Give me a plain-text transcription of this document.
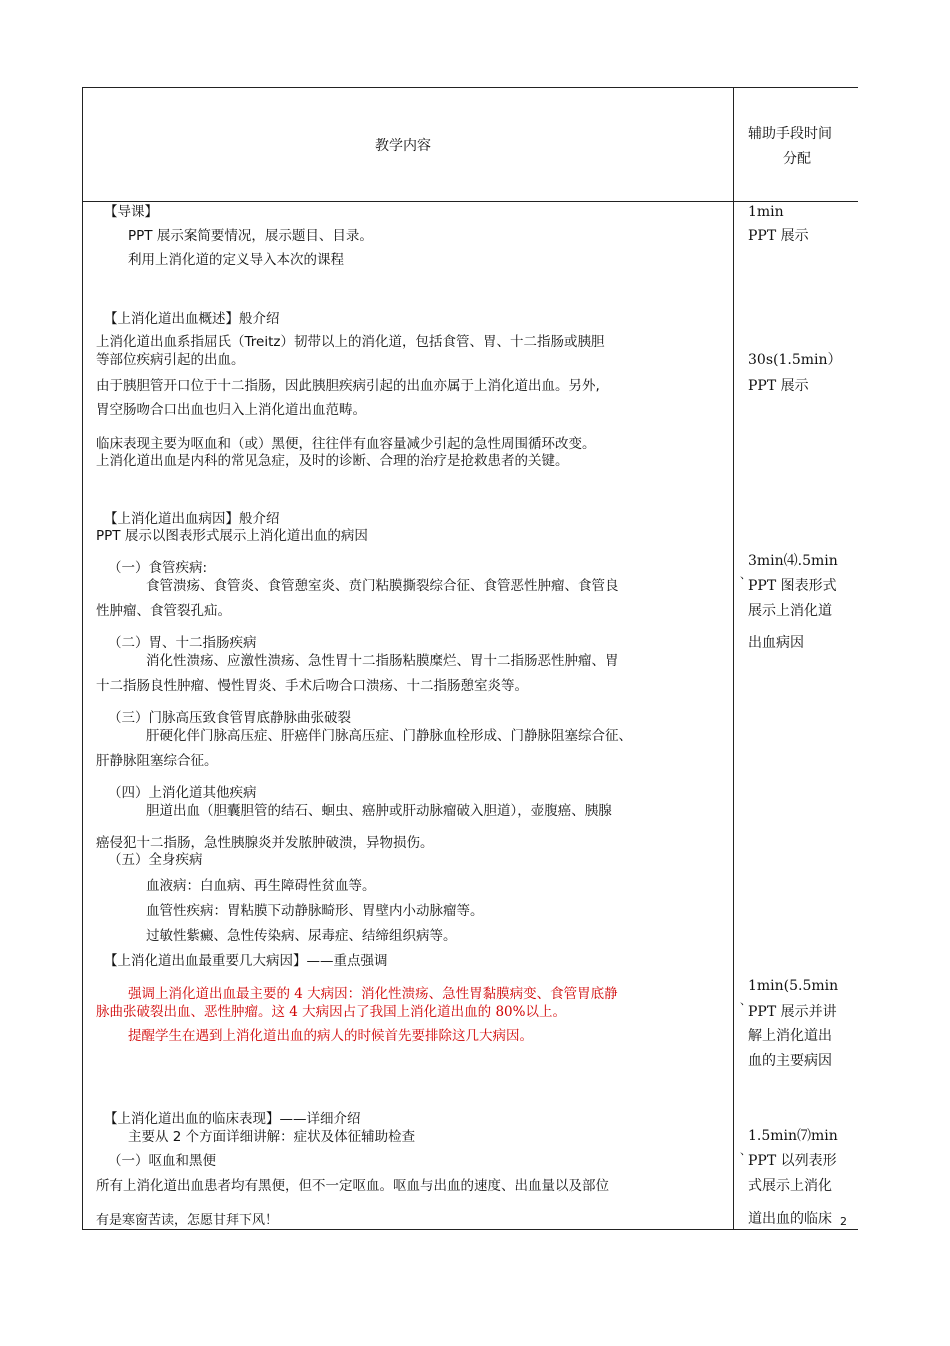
教学内容
辅助手段时间
分配
【导课】
PPT 展示案简要情况，展示题目、目录。
利用上消化道的定义导入本次的课程
【上消化道出血概述】般介绍
上消化道出血系指屈氏（Treitz）韧带以上的消化道，包括食管、胃、十二指肠或胰胆
等部位疾病引起的出血。
由于胰胆管开口位于十二指肠，因此胰胆疾病引起的出血亦属于上消化道出血。另外,
胃空肠吻合口出血也归入上消化道出血范畴。
临床表现主要为呕血和（或）黑便，往往伴有血容量减少引起的急性周围循环改变。
上消化道出血是内科的常见急症，及时的诊断、合理的治疗是抢救患者的关键。
【上消化道出血病因】般介绍
PPT 展示以图表形式展示上消化道出血的病因
（一）食管疾病:
食管溃疡、食管炎、食管憩室炎、贲门粘膜撕裂综合征、食管恶性肿瘤、食管良
性肿瘤、食管裂孔疝。
（二）胃、十二指肠疾病
消化性溃疡、应激性溃疡、急性胃十二指肠粘膜糜烂、胃十二指肠恶性肿瘤、胃
十二指肠良性肿瘤、慢性胃炎、手术后吻合口溃疡、十二指肠憩室炎等。
（三）门脉高压致食管胃底静脉曲张破裂
肝硬化伴门脉高压症、肝癌伴门脉高压症、门静脉血栓形成、门静脉阻塞综合征、
肝静脉阻塞综合征。
（四）上消化道其他疾病
胆道出血（胆囊胆管的结石、蛔虫、癌肿或肝动脉瘤破入胆道），壶腹癌、胰腺
癌侵犯十二指肠，急性胰腺炎并发脓肿破溃，异物损伤。
（五）全身疾病
血液病：白血病、再生障碍性贫血等。
血管性疾病：胃粘膜下动静脉畸形、胃壁内小动脉瘤等。
过敏性紫癜、急性传染病、尿毒症、结缔组织病等。
【上消化道出血最重要几大病因】——重点强调
强调上消化道出血最主要的 4 大病因：消化性溃疡、急性胃黏膜病变、食管胃底静
脉曲张破裂出血、恶性肿瘤。这 4 大病因占了我国上消化道出血的 80%以上。
提醒学生在遇到上消化道出血的病人的时候首先要排除这几大病因。
【上消化道出血的临床表现】——详细介绍
主要从 2 个方面详细讲解：症状及体征辅助检查
（一）呕血和黑便
所有上消化道出血患者均有黑便，但不一定呕血。呕血与出血的速度、出血量以及部位
1min
PPT 展示
30s(1.5min）
PPT 展示
3min⑷.5min
、
PPT 图表形式
展示上消化道
出血病因
1min(5.5min
、
PPT 展示并讲
解上消化道出
血的主要病因
1.5min⑺min
、
PPT 以列表形
式展示上消化
道出血的临床 2
有是寒窗苦读，怎愿甘拜下风！
